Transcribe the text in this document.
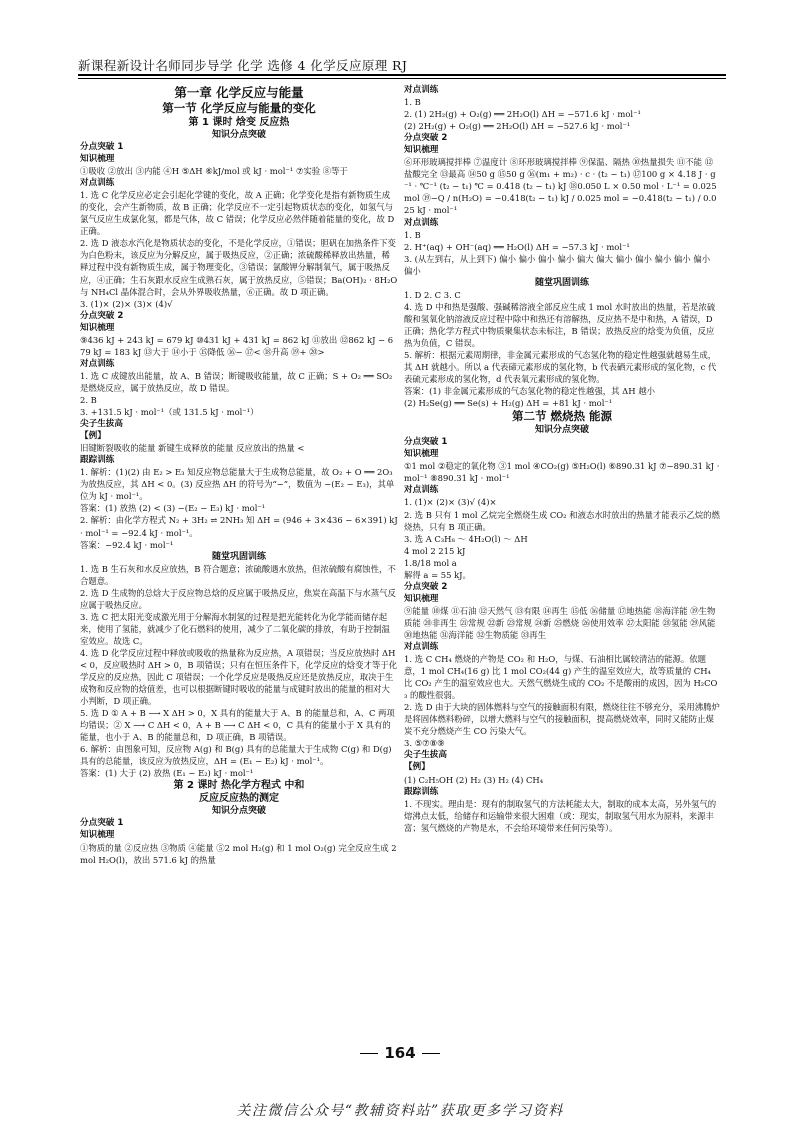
新课程新设计名师同步导学 化学 选修 4 化学反应原理 RJ
第一章 化学反应与能量
第一节 化学反应与能量的变化
第 1 课时 焓变 反应热
知识分点突破
分点突破 1
知识梳理
①吸收 ②放出 ③内能 ④H ⑤ΔH ⑥kJ/mol 或 kJ · mol⁻¹ ⑦实验 ⑧等于
对点训练
1. 选 C 化学反应必定会引起化学键的变化，故 A 正确；化学变化是指有新物质生成的变化，会产生新物质，故 B 正确；化学反应不一定引起物质状态的变化，如氢气与氯气反应生成氯化氢，都是气体，故 C 错误；化学反应必然伴随着能量的变化，故 D 正确。
2. 选 D 液态水汽化是物质状态的变化，不是化学反应，①错误；胆矾在加热条件下变为白色粉末，该反应为分解反应，属于吸热反应，②正确；浓硫酸稀释放出热量，稀释过程中没有新物质生成，属于物理变化，③错误；氯酸钾分解制氧气，属于吸热反应，④正确；生石灰跟水反应生成熟石灰，属于放热反应，⑤错误；Ba(OH)₂ · 8H₂O 与 NH₄Cl 晶体混合时，会从外界吸收热量，⑥正确。故 D 项正确。
3. (1)× (2)× (3)× (4)√
分点突破 2
知识梳理
⑨436 kJ + 243 kJ = 679 kJ ⑩431 kJ + 431 kJ = 862 kJ ⑪放出 ⑫862 kJ − 679 kJ = 183 kJ ⑬大于 ⑭小于 ⑮降低 ⑯− ⑰< ⑱升高 ⑲+ ⑳>
对点训练
1. 选 C 成键放出能量，故 A、B 错误；断键吸收能量，故 C 正确；S + O₂ ══ SO₂ 是燃烧反应，属于放热反应，故 D 错误。
2. B
3. +131.5 kJ · mol⁻¹（或 131.5 kJ · mol⁻¹）
尖子生拔高
【例】
旧键断裂吸收的能量 新键生成释放的能量 反应放出的热量 <
跟踪训练
1. 解析：(1)(2) 由 E₂ > E₃ 知反应物总能量大于生成物总能量，故 O₂ + O ══ 2O₃ 为放热反应，其 ΔH < 0。(3) 反应热 ΔH 的符号为“−”，数值为 −(E₂ − E₃)，其单位为 kJ · mol⁻¹。
答案：(1) 放热 (2) < (3) −(E₂ − E₃) kJ · mol⁻¹
2. 解析：由化学方程式 N₂ + 3H₂ ⇌ 2NH₃ 知 ΔH = (946 + 3×436 − 6×391) kJ · mol⁻¹ = −92.4 kJ · mol⁻¹。
答案：−92.4 kJ · mol⁻¹
随堂巩固训练
1. 选 B 生石灰和水反应放热，B 符合题意；浓硫酸遇水放热，但浓硫酸有腐蚀性，不合题意。
2. 选 D 生成物的总焓大于反应物总焓的反应属于吸热反应，焦炭在高温下与水蒸气反应属于吸热反应。
3. 选 C 把太阳光变成激光用于分解海水制氢的过程是把光能转化为化学能而储存起来，使用了氢能，就减少了化石燃料的使用，减少了二氧化碳的排放，有助于控制温室效应。故选 C。
4. 选 D 化学反应过程中释放或吸收的热量称为反应热，A 项错误；当反应放热时 ΔH < 0，反应吸热时 ΔH > 0，B 项错误；只有在恒压条件下，化学反应的焓变才等于化学反应的反应热，因此 C 项错误；一个化学反应是吸热反应还是放热反应，取决于生成物和反应物的焓值差，也可以根据断键时吸收的能量与成键时放出的能量的相对大小判断，D 项正确。
5. 选 D ① A + B ⟶ X ΔH > 0，X 具有的能量大于 A、B 的能量总和，A、C 两项均错误；② X ⟶ C ΔH < 0，A + B ⟶ C ΔH < 0，C 具有的能量小于 X 具有的能量，也小于 A、B 的能量总和，D 项正确，B 项错误。
6. 解析：由图象可知，反应物 A(g) 和 B(g) 具有的总能量大于生成物 C(g) 和 D(g) 具有的总能量，该反应为放热反应，ΔH = (E₁ − E₂) kJ · mol⁻¹。
答案：(1) 大于 (2) 放热 (E₁ − E₂) kJ · mol⁻¹
第 2 课时 热化学方程式 中和
反应反应热的测定
知识分点突破
分点突破 1
知识梳理
①物质的量 ②反应热 ③物质 ④能量 ⑤2 mol H₂(g) 和 1 mol O₂(g) 完全反应生成 2 mol H₂O(l)，放出 571.6 kJ 的热量
对点训练
1. B
2. (1) 2H₂(g) + O₂(g) ══ 2H₂O(l) ΔH = −571.6 kJ · mol⁻¹
(2) 2H₂(g) + O₂(g) ══ 2H₂O(l) ΔH = −527.6 kJ · mol⁻¹
分点突破 2
知识梳理
⑥环形玻璃搅拌棒 ⑦温度计 ⑧环形玻璃搅拌棒 ⑨保温、隔热 ⑩热量损失 ⑪不能 ⑫盐酸完全 ⑬最高 ⑭50 g ⑮50 g ⑯(m₁ + m₂) · c · (t₂ − t₁) ⑰100 g × 4.18 J · g⁻¹ · ℃⁻¹ (t₂ − t₁) ℃ = 0.418 (t₂ − t₁) kJ ⑱0.050 L × 0.50 mol · L⁻¹ = 0.025 mol ⑲−Q / n(H₂O) = −0.418(t₂ − t₁) kJ / 0.025 mol = −0.418(t₂ − t₁) / 0.025 kJ · mol⁻¹
对点训练
1. B
2. H⁺(aq) + OH⁻(aq) ══ H₂O(l) ΔH = −57.3 kJ · mol⁻¹
3. (从左到右，从上到下) 偏小 偏小 偏小 偏小 偏大 偏大 偏小 偏小 偏小 偏小 偏小 偏小
随堂巩固训练
1. D 2. C 3. C
4. 选 D 中和热是强酸、强碱稀溶液全部反应生成 1 mol 水时放出的热量，若是浓硫酸和氢氧化钠溶液反应过程中除中和热还有溶解热，反应热不是中和热，A 错误，D 正确；热化学方程式中物质聚集状态未标注，B 错误；放热反应的焓变为负值，反应热为负值，C 错误。
5. 解析：根据元素周期律，非金属元素形成的气态氢化物的稳定性越强就越易生成，其 ΔH 就越小。所以 a 代表碲元素形成的氢化物，b 代表硒元素形成的氢化物，c 代表硫元素形成的氢化物，d 代表氧元素形成的氢化物。
答案：(1) 非金属元素形成的气态氢化物的稳定性越强，其 ΔH 越小
(2) H₂Se(g) ══ Se(s) + H₂(g) ΔH = +81 kJ · mol⁻¹
第二节 燃烧热 能源
知识分点突破
分点突破 1
知识梳理
①1 mol ②稳定的氧化物 ③1 mol ④CO₂(g) ⑤H₂O(l) ⑥890.31 kJ ⑦−890.31 kJ · mol⁻¹ ⑧890.31 kJ · mol⁻¹
对点训练
1. (1)× (2)× (3)√ (4)×
2. 选 B 只有 1 mol 乙烷完全燃烧生成 CO₂ 和液态水时放出的热量才能表示乙烷的燃烧热，只有 B 项正确。
3. 选 A C₃H₈ ～ 4H₂O(l) ～ ΔH
4 mol 2 215 kJ
1.8/18 mol a
解得 a = 55 kJ。
分点突破 2
知识梳理
⑨能量 ⑩煤 ⑪石油 ⑫天然气 ⑬有限 ⑭再生 ⑮低 ⑯储量 ⑰地热能 ⑱海洋能 ⑲生物质能 ⑳非再生 ㉑常规 ㉒新 ㉓常规 ㉔新 ㉕燃烧 ㉖使用效率 ㉗太阳能 ㉘氢能 ㉙风能 ㉚地热能 ㉛海洋能 ㉜生物质能 ㉝再生
对点训练
1. 选 C CH₄ 燃烧的产物是 CO₂ 和 H₂O，与煤、石油相比属较清洁的能源。依题意，1 mol CH₄(16 g) 比 1 mol CO₂(44 g) 产生的温室效应大，故等质量的 CH₄ 比 CO₂ 产生的温室效应也大。天然气燃烧生成的 CO₂ 不是酸雨的成因，因为 H₂CO₃ 的酸性很弱。
2. 选 D 由于大块的固体燃料与空气的接触面积有限，燃烧往往不够充分，采用沸腾炉是将固体燃料粉碎，以增大燃料与空气的接触面积，提高燃烧效率，同时又能防止煤炭不充分燃烧产生 CO 污染大气。
3. ⑤⑦⑧⑨
尖子生拔高
【例】
(1) C₂H₅OH (2) H₂ (3) H₂ (4) CH₄
跟踪训练
1. 不现实。理由是：现有的制取氢气的方法耗能太大，制取的成本太高，另外氢气的熔沸点太低，给储存和运输带来很大困难（或：现实，制取氢气用水为原料，来源丰富；氢气燃烧的产物是水，不会给环境带来任何污染等）。
164
关注微信公众号“教辅资料站”获取更多学习资料
